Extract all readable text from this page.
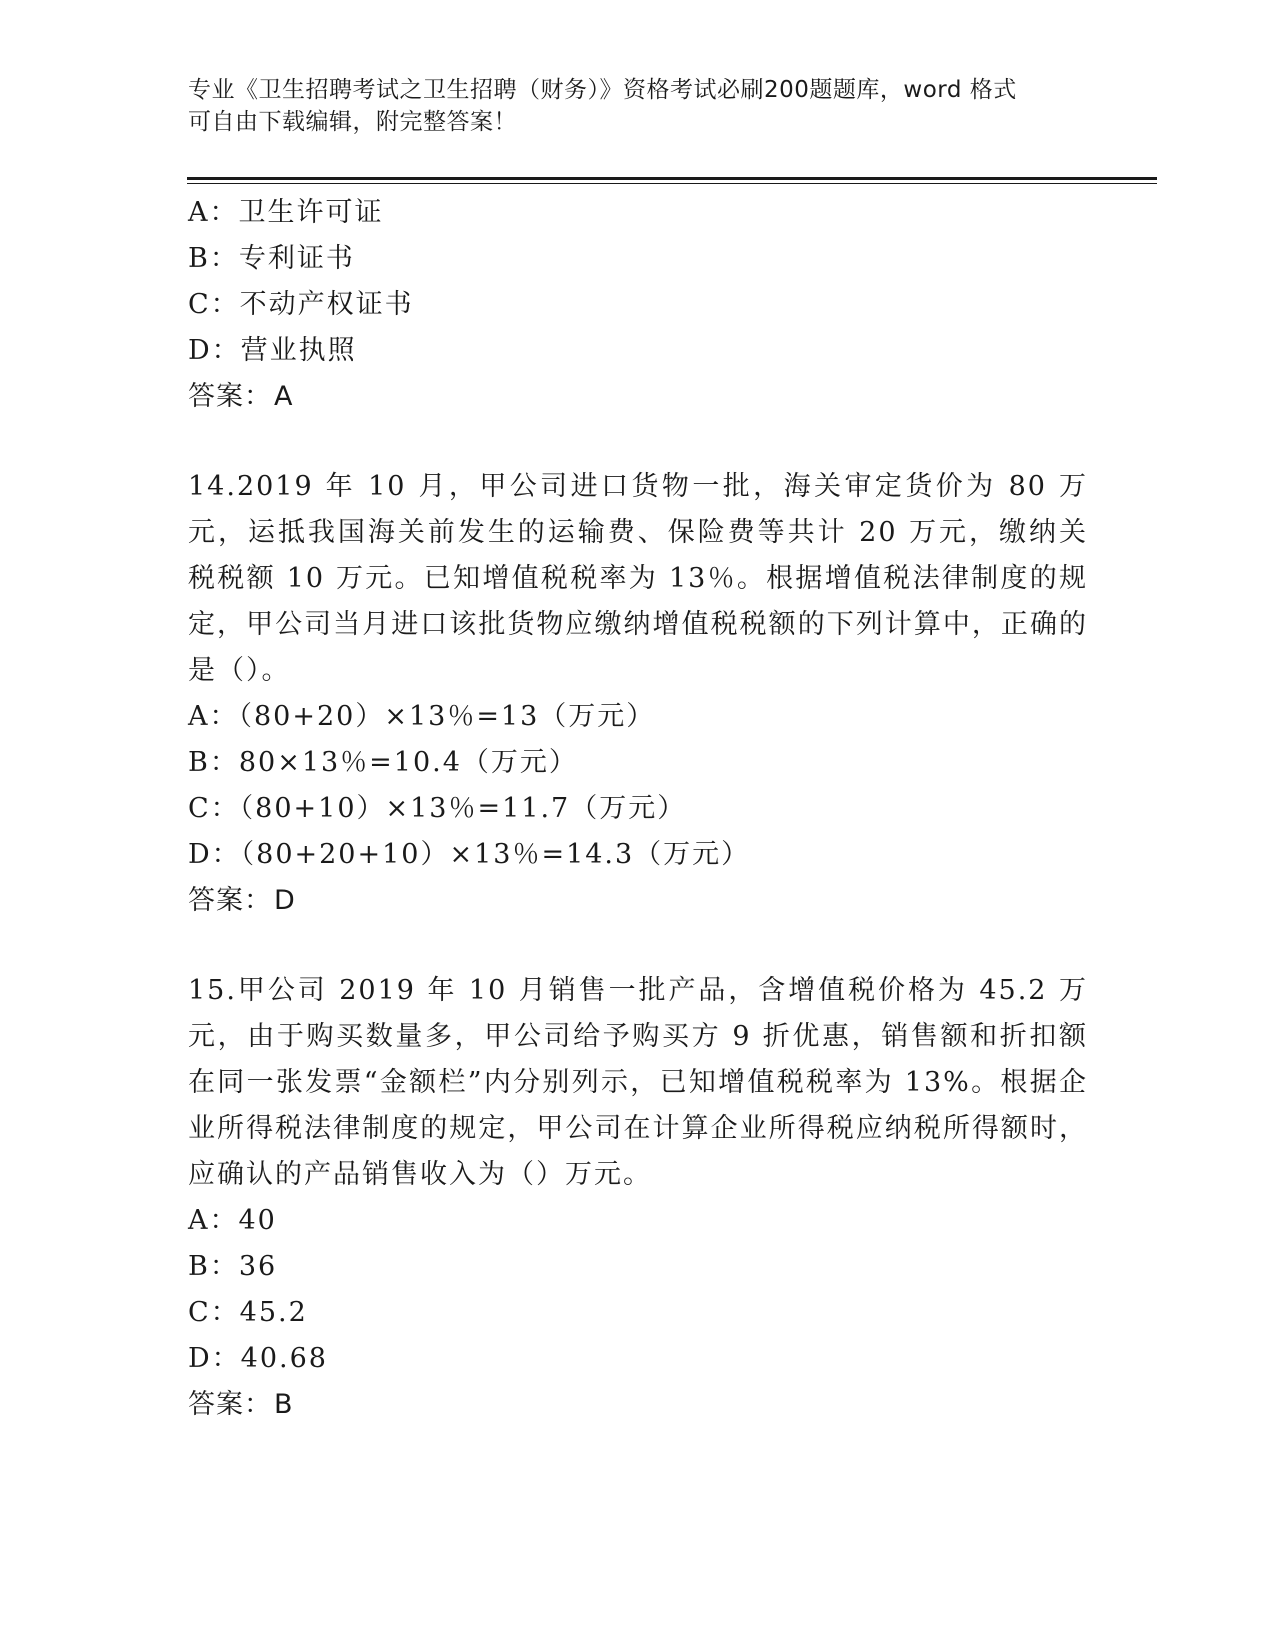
专业《卫生招聘考试之卫生招聘（财务）》资格考试必刷200题题库，word 格式
可自由下载编辑，附完整答案！
A：卫生许可证
B：专利证书
C：不动产权证书
D：营业执照
答案：A
14.2019 年 10 月，甲公司进口货物一批，海关审定货价为 80 万元，运抵我国海关前发生的运输费、保险费等共计 20 万元，缴纳关税税额 10 万元。已知增值税税率为 13％。根据增值税法律制度的规定，甲公司当月进口该批货物应缴纳增值税税额的下列计算中，正确的是（）。
A：（80+20）×13％=13（万元）
B：80×13％=10.4（万元）
C：（80+10）×13％=11.7（万元）
D：（80+20+10）×13％=14.3（万元）
答案：D
15.甲公司 2019 年 10 月销售一批产品，含增值税价格为 45.2 万元，由于购买数量多，甲公司给予购买方 9 折优惠，销售额和折扣额在同一张发票“金额栏”内分别列示，已知增值税税率为 13%。根据企业所得税法律制度的规定，甲公司在计算企业所得税应纳税所得额时，应确认的产品销售收入为（）万元。
A：40
B：36
C：45.2
D：40.68
答案：B
